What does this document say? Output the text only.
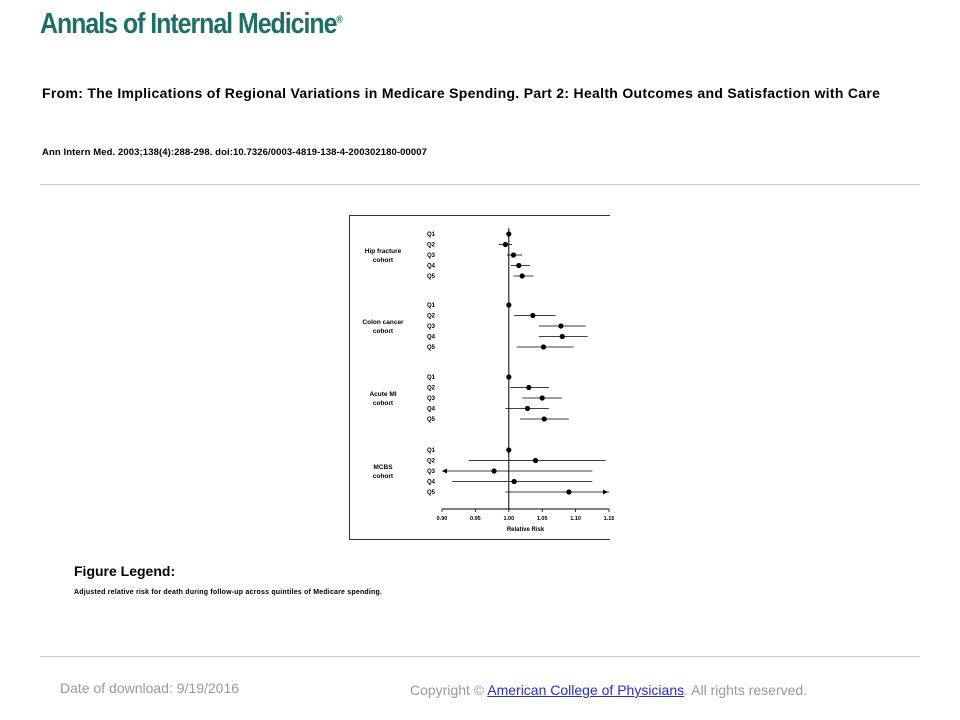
Annals of Internal Medicine®
From: The Implications of Regional Variations in Medicare Spending. Part 2: Health Outcomes and Satisfaction with Care
Ann Intern Med. 2003;138(4):288-298. doi:10.7326/0003-4819-138-4-200302180-00007
Hip fracture
cohort
Q1
Q2
Q3
Q4
Q5
Colon cancer
cohort
Q1
Q2
Q3
Q4
Q5
Acute MI
cohort
Q1
Q2
Q3
Q4
Q5
MCBS
cohort
Q1
Q2
Q3
Q4
Q5
0.90	0.95	1.00	1.05	1.10	1.15
Relative Risk
Figure Legend:
Adjusted relative risk for death during follow-up across quintiles of Medicare spending.
Date of download: 9/19/2016	Copyright © American College of Physicians. All rights reserved.
